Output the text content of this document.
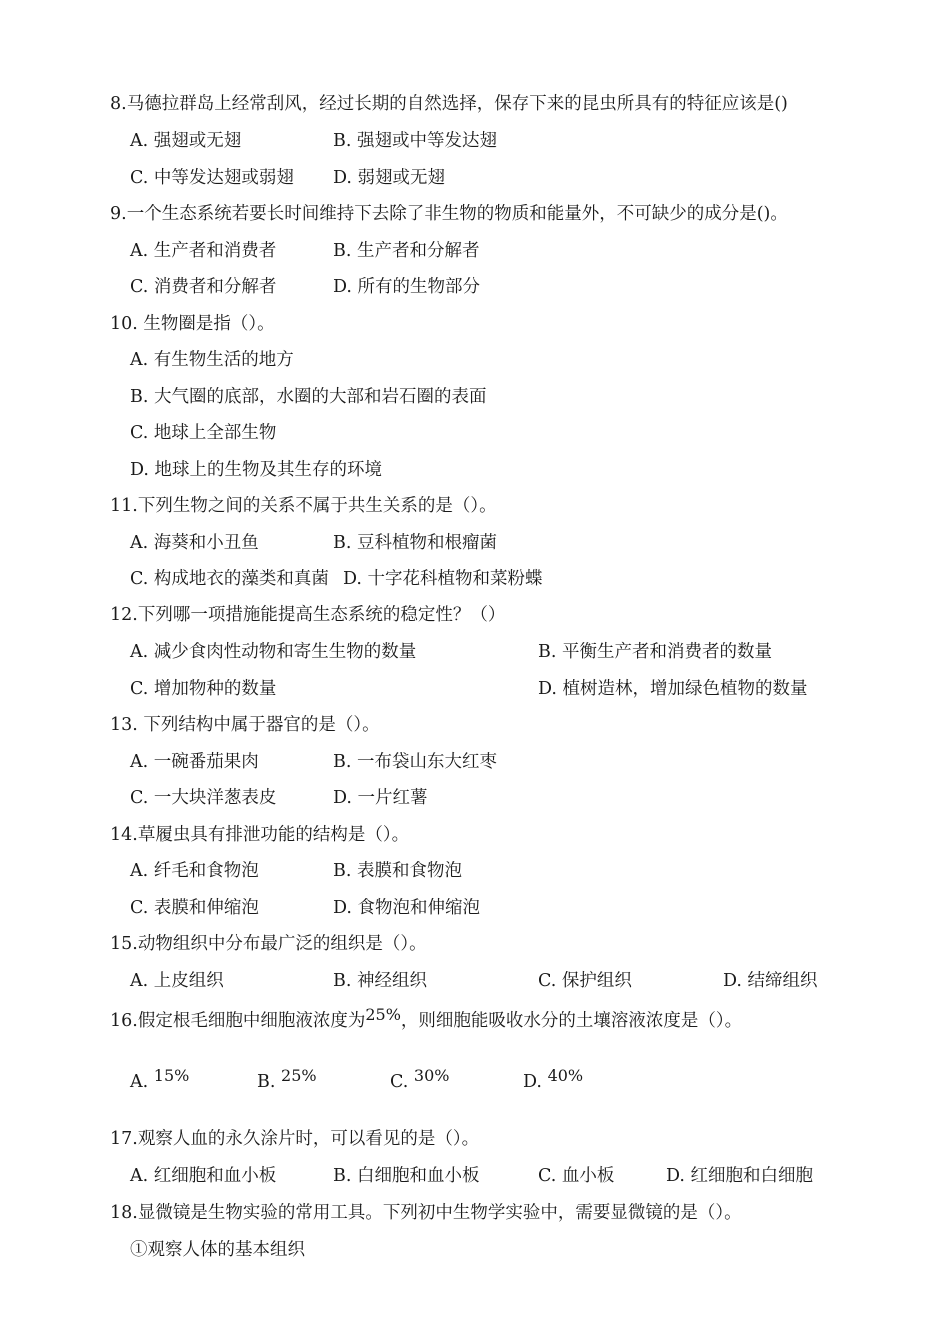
8.马德拉群岛上经常刮风，经过长期的自然选择，保存下来的昆虫所具有的特征应该是()
A. 强翅或无翅	B. 强翅或中等发达翅
C. 中等发达翅或弱翅 D. 弱翅或无翅
9.一个生态系统若要长时间维持下去除了非生物的物质和能量外，不可缺少的成分是()。
A. 生产者和消费者	B. 生产者和分解者
C. 消费者和分解者	D. 所有的生物部分
10. 生物圈是指（）。
A. 有生物生活的地方
B. 大气圈的底部，水圈的大部和岩石圈的表面
C. 地球上全部生物
D. 地球上的生物及其生存的环境
11.下列生物之间的关系不属于共生关系的是（）。
A. 海葵和小丑鱼	B. 豆科植物和根瘤菌
C. 构成地衣的藻类和真菌 D. 十字花科植物和菜粉蝶
12.下列哪一项措施能提高生态系统的稳定性？（）
A. 减少食肉性动物和寄生生物的数量	B. 平衡生产者和消费者的数量
C. 增加物种的数量	D. 植树造林，增加绿色植物的数量
13. 下列结构中属于器官的是（）。
A. 一碗番茄果肉	B. 一布袋山东大红枣
C. 一大块洋葱表皮	D. 一片红薯
14.草履虫具有排泄功能的结构是（）。
A. 纤毛和食物泡	B. 表膜和食物泡
C. 表膜和伸缩泡	D. 食物泡和伸缩泡
15.动物组织中分布最广泛的组织是（）。
A. 上皮组织	B. 神经组织	C. 保护组织	D. 结缔组织
16.假定根毛细胞中细胞液浓度为25%，则细胞能吸收水分的土壤溶液浓度是（）。
A. 15%	B. 25%	C. 30%	D. 40%
17.观察人血的永久涂片时，可以看见的是（）。
A. 红细胞和血小板	B. 白细胞和血小板	C. 血小板	D. 红细胞和白细胞
18.显微镜是生物实验的常用工具。下列初中生物学实验中，需要显微镜的是（）。
①观察人体的基本组织
